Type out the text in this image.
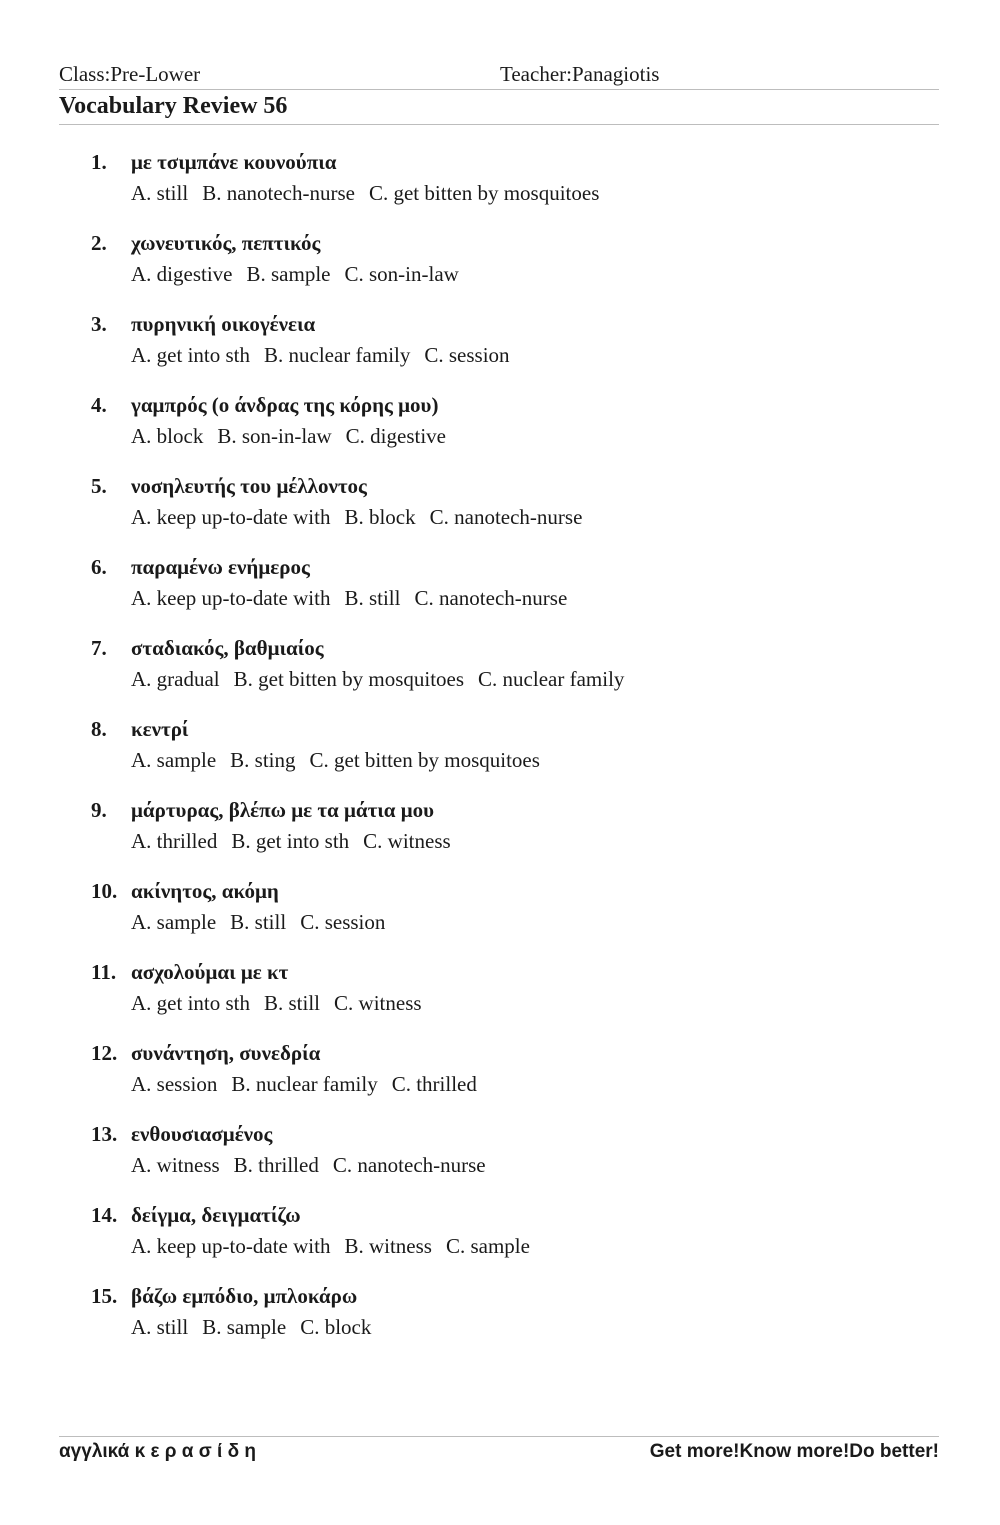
Class:Pre-Lower	Teacher:Panagiotis
Vocabulary Review 56
1. με τσιμπάνε κουνούπια
A. still B. nanotech-nurse C. get bitten by mosquitoes
2. χωνευτικός, πεπτικός
A. digestive B. sample C. son-in-law
3. πυρηνική οικογένεια
A. get into sth B. nuclear family C. session
4. γαμπρός (ο άνδρας της κόρης μου)
A. block B. son-in-law C. digestive
5. νοσηλευτής του μέλλοντος
A. keep up-to-date with B. block C. nanotech-nurse
6. παραμένω ενήμερος
A. keep up-to-date with B. still C. nanotech-nurse
7. σταδιακός, βαθμιαίος
A. gradual B. get bitten by mosquitoes C. nuclear family
8. κεντρί
A. sample B. sting C. get bitten by mosquitoes
9. μάρτυρας, βλέπω με τα μάτια μου
A. thrilled B. get into sth C. witness
10. ακίνητος, ακόμη
A. sample B. still C. session
11. ασχολούμαι με κτ
A. get into sth B. still C. witness
12. συνάντηση, συνεδρία
A. session B. nuclear family C. thrilled
13. ενθουσιασμένος
A. witness B. thrilled C. nanotech-nurse
14. δείγμα, δειγματίζω
A. keep up-to-date with B. witness C. sample
15. βάζω εμπόδιο, μπλοκάρω
A. still B. sample C. block
αγγλικά κ ε ρ α σ ί δ η	Get more!Know more!Do better!
